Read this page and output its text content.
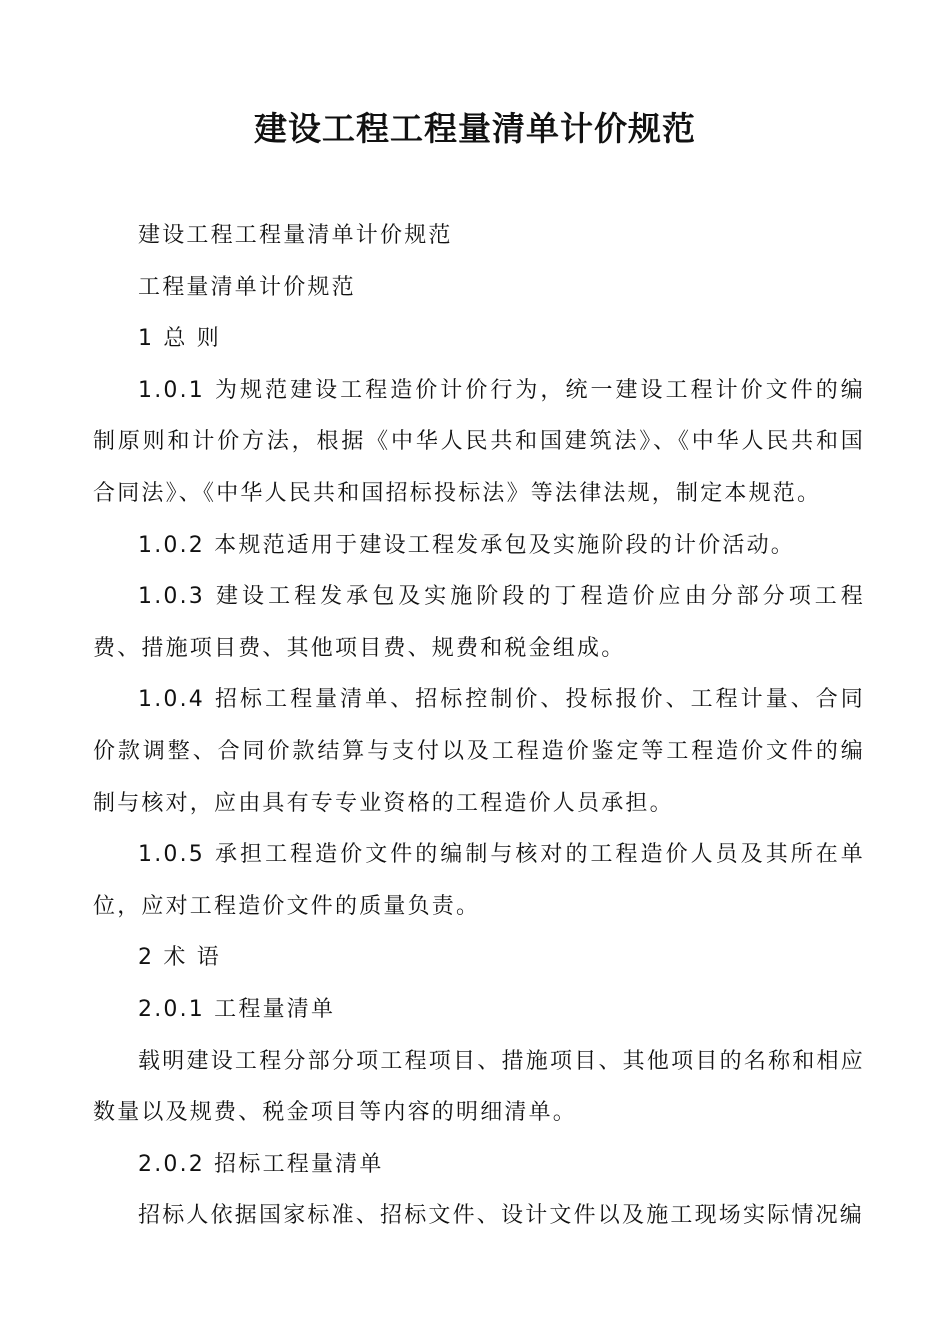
建设工程工程量清单计价规范

建设工程工程量清单计价规范

工程量清单计价规范

1 总 则

1.0.1 为规范建设工程造价计价行为，统一建设工程计价文件的编制原则和计价方法，根据《中华人民共和国建筑法》、《中华人民共和国合同法》、《中华人民共和国招标投标法》等法律法规，制定本规范。

1.0.2 本规范适用于建设工程发承包及实施阶段的计价活动。

1.0.3 建设工程发承包及实施阶段的丁程造价应由分部分项工程费、措施项目费、其他项目费、规费和税金组成。

1.0.4 招标工程量清单、招标控制价、投标报价、工程计量、合同价款调整、合同价款结算与支付以及工程造价鉴定等工程造价文件的编制与核对，应由具有专专业资格的工程造价人员承担。

1.0.5 承担工程造价文件的编制与核对的工程造价人员及其所在单位，应对工程造价文件的质量负责。

2 术 语

2.0.1 工程量清单

载明建设工程分部分项工程项目、措施项目、其他项目的名称和相应数量以及规费、税金项目等内容的明细清单。

2.0.2 招标工程量清单

招标人依据国家标准、招标文件、设计文件以及施工现场实际情况编
